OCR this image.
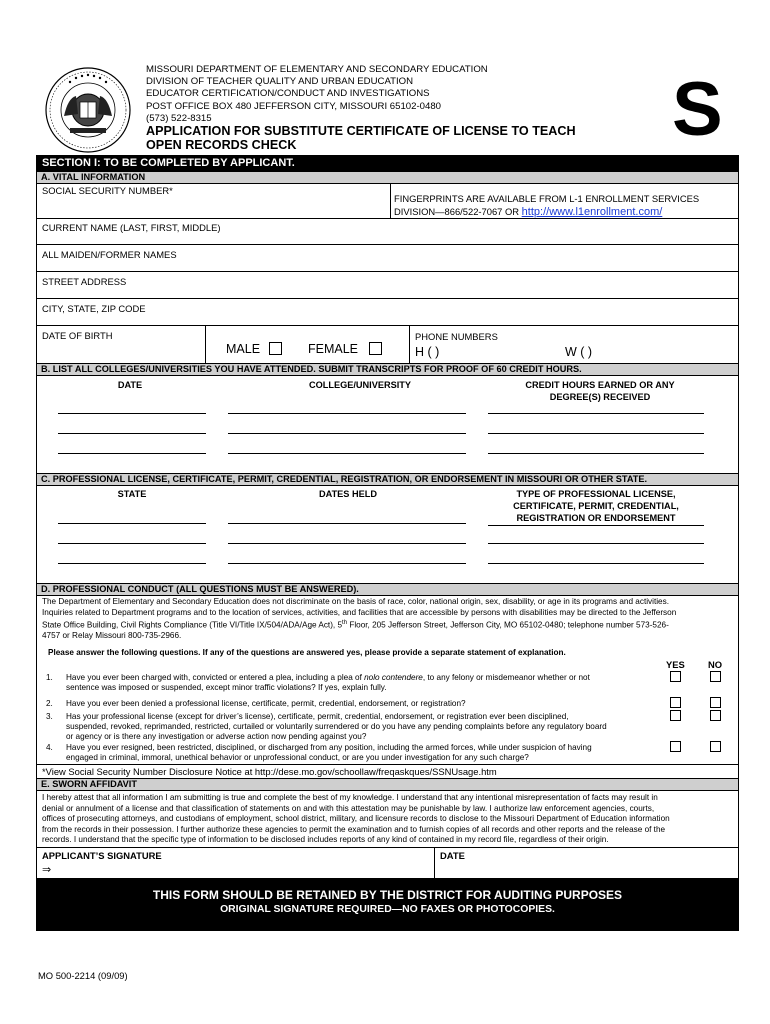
MISSOURI DEPARTMENT OF ELEMENTARY AND SECONDARY EDUCATION
DIVISION OF TEACHER QUALITY AND URBAN EDUCATION
EDUCATOR CERTIFICATION/CONDUCT AND INVESTIGATIONS
POST OFFICE BOX 480 JEFFERSON CITY, MISSOURI 65102-0480
(573) 522-8315
APPLICATION FOR SUBSTITUTE CERTIFICATE OF LICENSE TO TEACH
OPEN RECORDS CHECK	S
SECTION I: TO BE COMPLETED BY APPLICANT.
A. VITAL INFORMATION
SOCIAL SECURITY NUMBER*
FINGERPRINTS ARE AVAILABLE FROM L-1 ENROLLMENT SERVICES
DIVISION—866/522-7067 OR http://www.l1enrollment.com/
CURRENT NAME (LAST, FIRST, MIDDLE)
ALL MAIDEN/FORMER NAMES
STREET ADDRESS
CITY, STATE, ZIP CODE
DATE OF BIRTH
MALE	FEMALE
PHONE NUMBERS
H ( )	W ( )
B. LIST ALL COLLEGES/UNIVERSITIES YOU HAVE ATTENDED. SUBMIT TRANSCRIPTS FOR PROOF OF 60 CREDIT HOURS.
DATE	COLLEGE/UNIVERSITY	CREDIT HOURS EARNED OR ANY
DEGREE(S) RECEIVED
C. PROFESSIONAL LICENSE, CERTIFICATE, PERMIT, CREDENTIAL, REGISTRATION, OR ENDORSEMENT IN MISSOURI OR OTHER STATE.
STATE	DATES HELD	TYPE OF PROFESSIONAL LICENSE,
CERTIFICATE, PERMIT, CREDENTIAL,
REGISTRATION OR ENDORSEMENT
D. PROFESSIONAL CONDUCT (ALL QUESTIONS MUST BE ANSWERED).
The Department of Elementary and Secondary Education does not discriminate on the basis of race, color, national origin, sex, disability, or age in its programs and activities.
Inquiries related to Department programs and to the location of services, activities, and facilities that are accessible by persons with disabilities may be directed to the Jefferson
State Office Building, Civil Rights Compliance (Title VI/Title IX/504/ADA/Age Act), 5th Floor, 205 Jefferson Street, Jefferson City, MO 65102-0480; telephone number 573-526-
4757 or Relay Missouri 800-735-2966.
Please answer the following questions. If any of the questions are answered yes, please provide a separate statement of explanation.
YES NO
1. Have you ever been charged with, convicted or entered a plea, including a plea of nolo contendere, to any felony or misdemeanor whether or not
sentence was imposed or suspended, except minor traffic violations? If yes, explain fully.
2. Have you ever been denied a professional license, certificate, permit, credential, endorsement, or registration?
3. Has your professional license (except for driver’s license), certificate, permit, credential, endorsement, or registration ever been disciplined,
suspended, revoked, reprimanded, restricted, curtailed or voluntarily surrendered or do you have any pending complaints before any regulatory board
or agency or is there any investigation or adverse action now pending against you?
4. Have you ever resigned, been restricted, disciplined, or discharged from any position, including the armed forces, while under suspicion of having
engaged in criminal, immoral, unethical behavior or unprofessional conduct, or are you under investigation for any such charge?
*View Social Security Number Disclosure Notice at http://dese.mo.gov/schoollaw/freqaskques/SSNUsage.htm
E. SWORN AFFIDAVIT
I hereby attest that all information I am submitting is true and complete the best of my knowledge. I understand that any intentional misrepresentation of facts may result in
denial or annulment of a license and that classification of statements on and with this attestation may be punishable by law. I authorize law enforcement agencies, courts,
offices of prosecuting attorneys, and custodians of employment, school district, military, and licensure records to disclose to the Missouri Department of Education information
from the records in their possession. I further authorize these agencies to permit the examination and to furnish copies of all records and other reports and the release of the
records. I understand that the specific type of information to be disclosed includes reports of any kind of contained in my record file, regardless of their origin.
APPLICANT’S SIGNATURE
⇒
DATE
THIS FORM SHOULD BE RETAINED BY THE DISTRICT FOR AUDITING PURPOSES
ORIGINAL SIGNATURE REQUIRED—NO FAXES OR PHOTOCOPIES.
MO 500-2214 (09/09)
